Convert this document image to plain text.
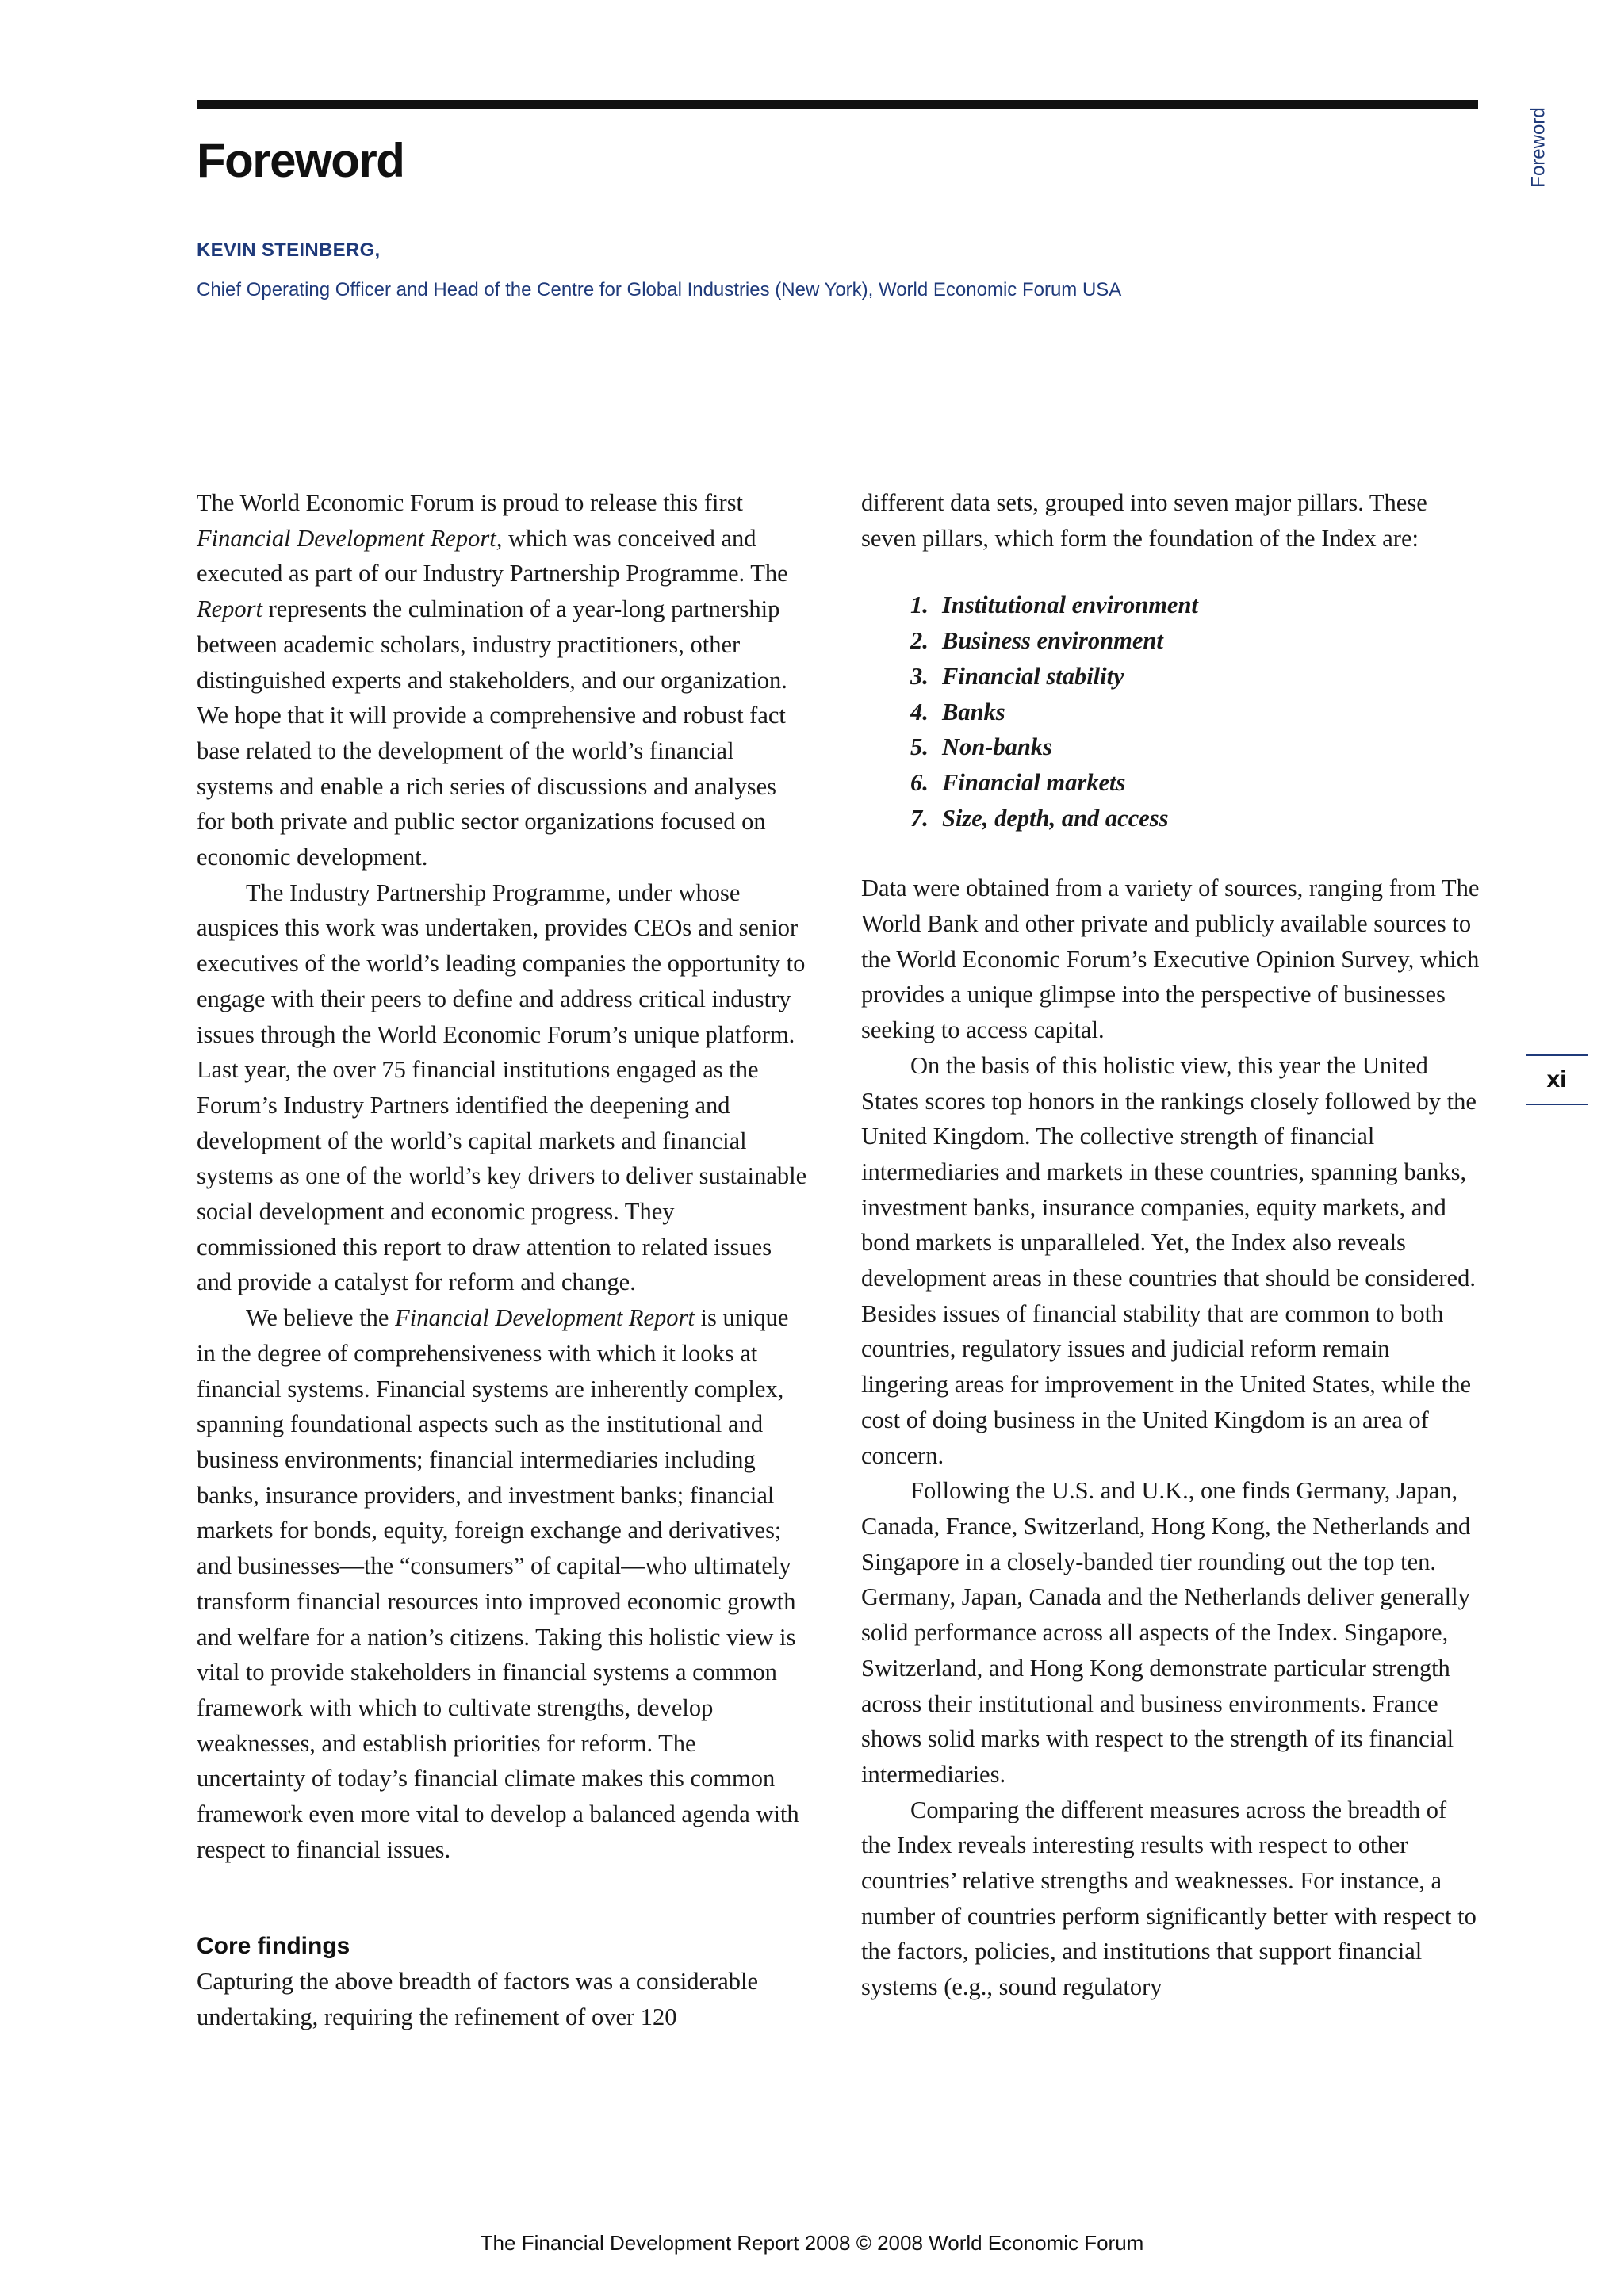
Foreword

KEVIN STEINBERG,

Chief Operating Officer and Head of the Centre for Global Industries (New York), World Economic Forum USA

Foreword
xi

The World Economic Forum is proud to release this first Financial Development Report, which was conceived and executed as part of our Industry Partnership Programme. The Report represents the culmination of a year-long partnership between academic scholars, industry practitioners, other distinguished experts and stakeholders, and our organization. We hope that it will provide a comprehensive and robust fact base related to the development of the world’s financial systems and enable a rich series of discussions and analyses for both private and public sector organizations focused on economic development.

The Industry Partnership Programme, under whose auspices this work was undertaken, provides CEOs and senior executives of the world’s leading companies the opportunity to engage with their peers to define and address critical industry issues through the World Economic Forum’s unique platform. Last year, the over 75 financial institutions engaged as the Forum’s Industry Partners identified the deepening and development of the world’s capital markets and financial systems as one of the world’s key drivers to deliver sustainable social development and economic progress. They commissioned this report to draw attention to related issues and provide a catalyst for reform and change.

We believe the Financial Development Report is unique in the degree of comprehensiveness with which it looks at financial systems. Financial systems are inherently complex, spanning foundational aspects such as the institutional and business environments; financial intermediaries including banks, insurance providers, and investment banks; financial markets for bonds, equity, foreign exchange and derivatives; and businesses—the “consumers” of capital—who ultimately transform financial resources into improved economic growth and welfare for a nation’s citizens. Taking this holistic view is vital to provide stakeholders in financial systems a common framework with which to cultivate strengths, develop weaknesses, and establish priorities for reform. The uncertainty of today’s financial climate makes this common framework even more vital to develop a balanced agenda with respect to financial issues.

Core findings

Capturing the above breadth of factors was a considerable undertaking, requiring the refinement of over 120

different data sets, grouped into seven major pillars. These seven pillars, which form the foundation of the Index are:

1. Institutional environment
2. Business environment
3. Financial stability
4. Banks
5. Non-banks
6. Financial markets
7. Size, depth, and access

Data were obtained from a variety of sources, ranging from The World Bank and other private and publicly available sources to the World Economic Forum’s Executive Opinion Survey, which provides a unique glimpse into the perspective of businesses seeking to access capital.

On the basis of this holistic view, this year the United States scores top honors in the rankings closely followed by the United Kingdom. The collective strength of financial intermediaries and markets in these countries, spanning banks, investment banks, insurance companies, equity markets, and bond markets is unparalleled. Yet, the Index also reveals development areas in these countries that should be considered. Besides issues of financial stability that are common to both countries, regulatory issues and judicial reform remain lingering areas for improvement in the United States, while the cost of doing business in the United Kingdom is an area of concern.

Following the U.S. and U.K., one finds Germany, Japan, Canada, France, Switzerland, Hong Kong, the Netherlands and Singapore in a closely-banded tier rounding out the top ten. Germany, Japan, Canada and the Netherlands deliver generally solid performance across all aspects of the Index. Singapore, Switzerland, and Hong Kong demonstrate particular strength across their institutional and business environments. France shows solid marks with respect to the strength of its financial intermediaries.

Comparing the different measures across the breadth of the Index reveals interesting results with respect to other countries’ relative strengths and weaknesses. For instance, a number of countries perform significantly better with respect to the factors, policies, and institutions that support financial systems (e.g., sound regulatory

The Financial Development Report 2008 © 2008 World Economic Forum
